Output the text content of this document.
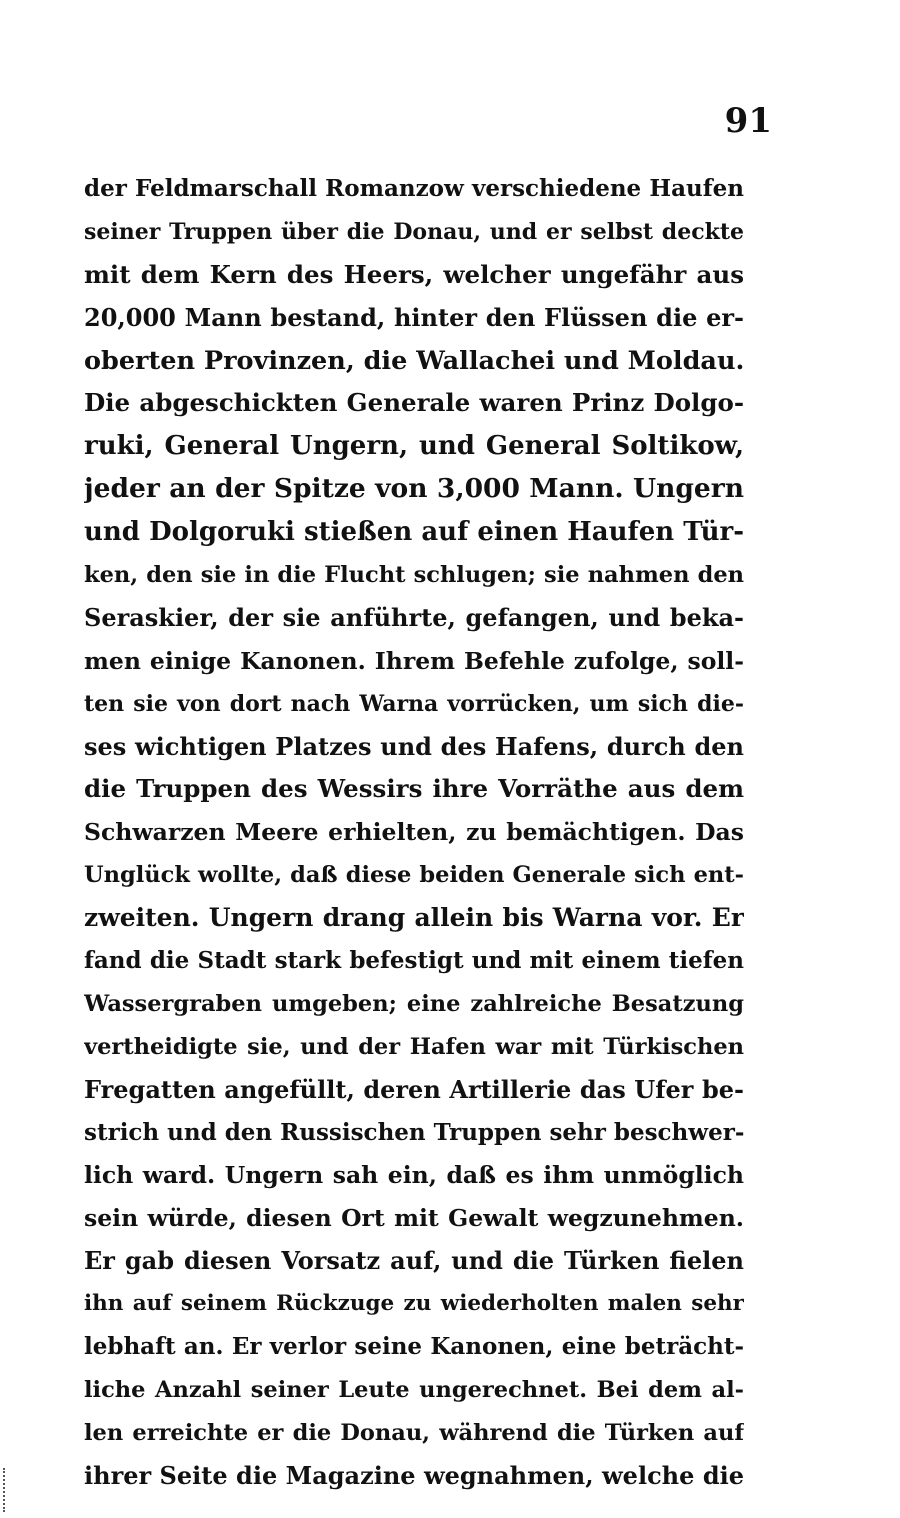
91
der Feldmarschall Romanzow verschiedene Haufen
seiner Truppen über die Donau, und er selbst deckte
mit dem Kern des Heers, welcher ungefähr aus
20,000 Mann bestand, hinter den Flüssen die er-
oberten Provinzen, die Wallachei und Moldau.
Die abgeschickten Generale waren Prinz Dolgo-
ruki, General Ungern, und General Soltikow,
jeder an der Spitze von 3,000 Mann. Ungern
und Dolgoruki stießen auf einen Haufen Tür-
ken, den sie in die Flucht schlugen; sie nahmen den
Seraskier, der sie anführte, gefangen, und beka-
men einige Kanonen. Ihrem Befehle zufolge, soll-
ten sie von dort nach Warna vorrücken, um sich die-
ses wichtigen Platzes und des Hafens, durch den
die Truppen des Wessirs ihre Vorräthe aus dem
Schwarzen Meere erhielten, zu bemächtigen. Das
Unglück wollte, daß diese beiden Generale sich ent-
zweiten. Ungern drang allein bis Warna vor. Er
fand die Stadt stark befestigt und mit einem tiefen
Wassergraben umgeben; eine zahlreiche Besatzung
vertheidigte sie, und der Hafen war mit Türkischen
Fregatten angefüllt, deren Artillerie das Ufer be-
strich und den Russischen Truppen sehr beschwer-
lich ward. Ungern sah ein, daß es ihm unmöglich
sein würde, diesen Ort mit Gewalt wegzunehmen.
Er gab diesen Vorsatz auf, und die Türken fielen
ihn auf seinem Rückzuge zu wiederholten malen sehr
lebhaft an. Er verlor seine Kanonen, eine beträcht-
liche Anzahl seiner Leute ungerechnet. Bei dem al-
len erreichte er die Donau, während die Türken auf
ihrer Seite die Magazine wegnahmen, welche die
